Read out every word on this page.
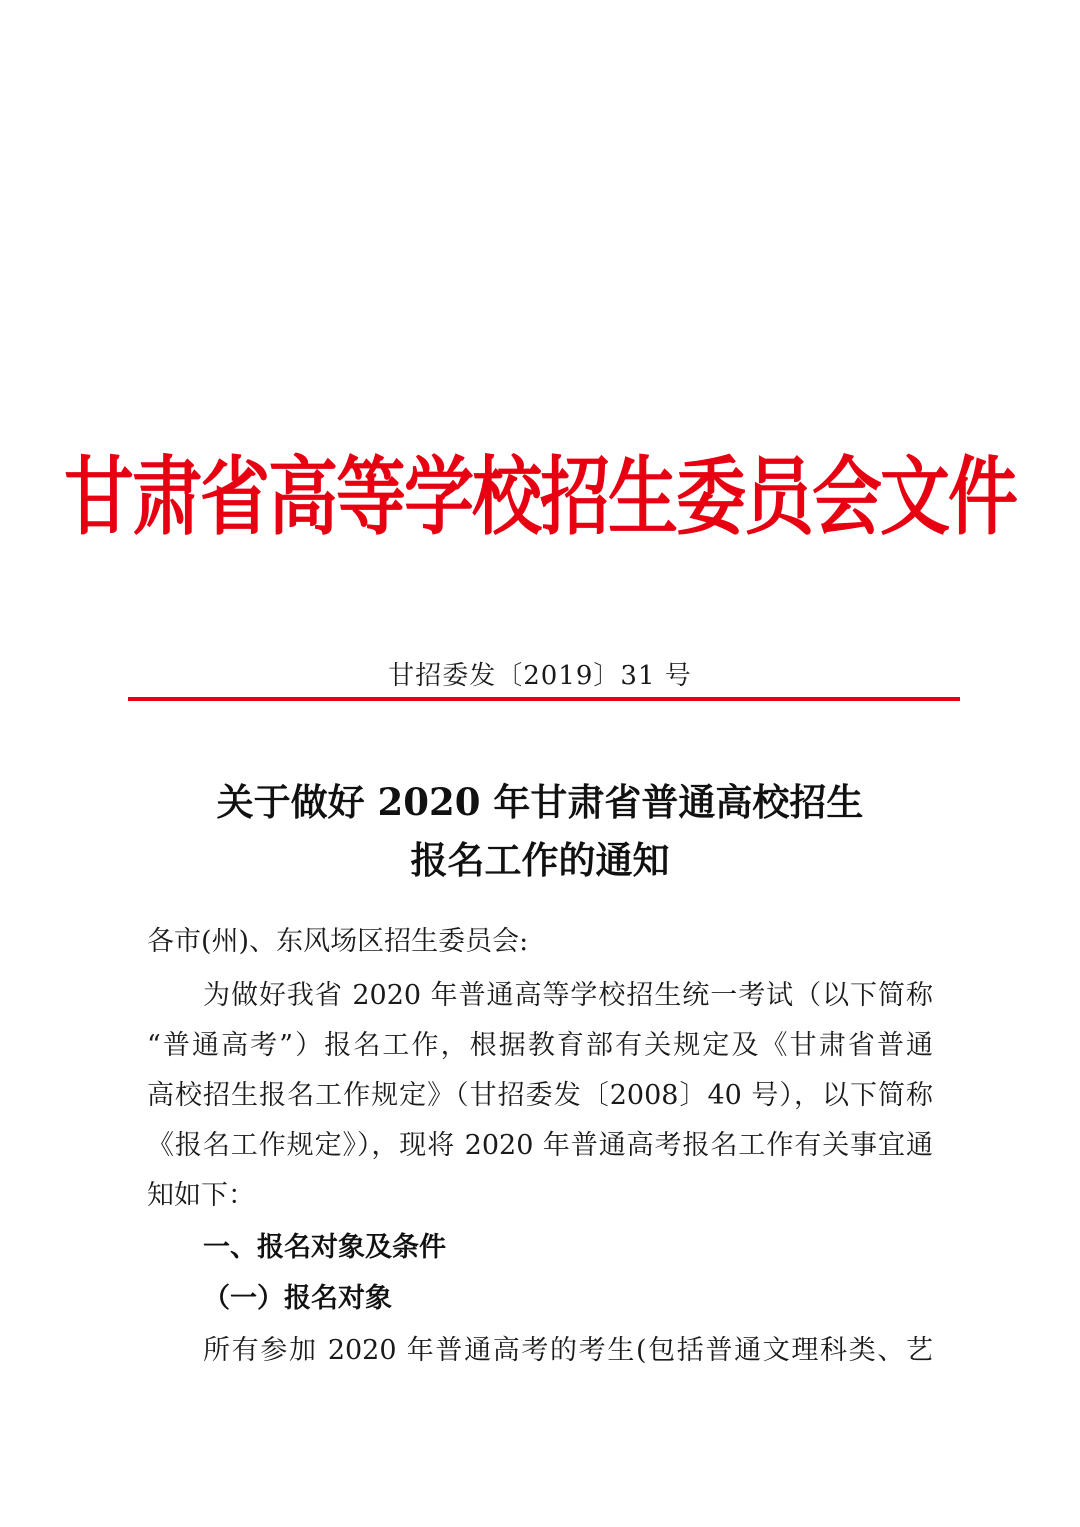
甘肃省高等学校招生委员会文件
甘招委发〔2019〕31 号
关于做好 2020 年甘肃省普通高校招生
报名工作的通知
各市(州)、东风场区招生委员会:
为做好我省 2020 年普通高等学校招生统一考试（以下简称
“普通高考”）报名工作，根据教育部有关规定及《甘肃省普通
高校招生报名工作规定》（甘招委发〔2008〕40 号），以下简称
《报名工作规定》），现将 2020 年普通高考报名工作有关事宜通
知如下：
一、报名对象及条件
（一）报名对象
所有参加 2020 年普通高考的考生(包括普通文理科类、艺
